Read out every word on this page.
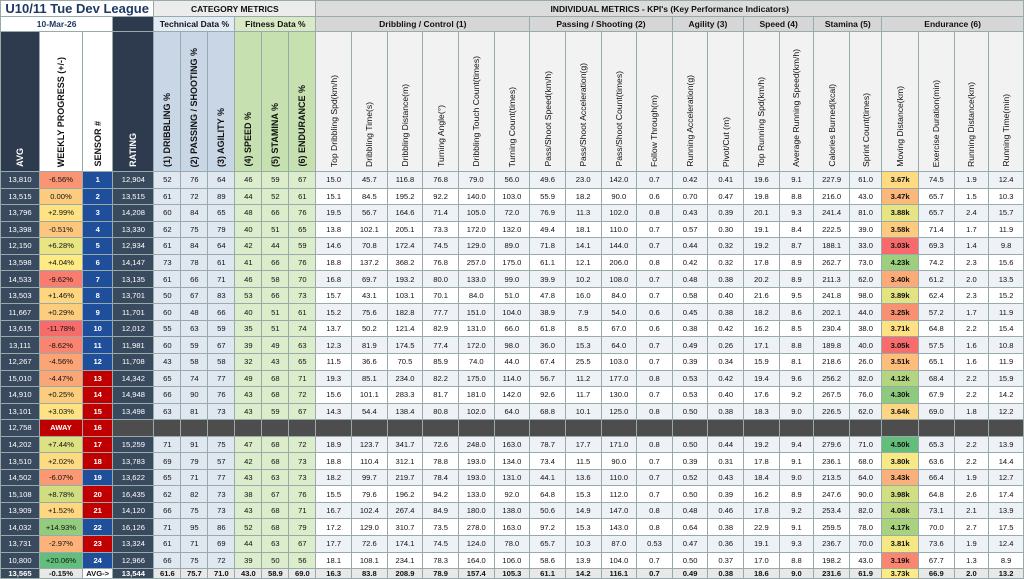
U10/11 Tue Dev League				CATEGORY METRICS						INDIVIDUAL METRICS - KPI's (Key Performance Indicators)																			
10-Mar-26				Technical Data %			Fitness Data %			Dribbling / Control (1)						Passing / Shooting (2)				Agility (3)		Speed (4)		Stamina (5)		Endurance (6)			

AVG	WEEKLY PROGRESS (+/-)	SENSOR #	RATING	(1) DRIBBLING %	(2) PASSING / SHOOTING %	(3) AGILITY %	(4) SPEED %	(5) STAMINA %	(6) ENDURANCE %	Top Dribbling Spd(km/h)	Dribbling Time(s)	Dribbling Distance(m)	Turning Angle(°)	Dribbling Touch Count(times)	Turning Count(times)	Pass/Shoot Speed(km/h)	Pass/Shoot Acceleration(g)	Pass/Shoot Count(times)	Follow Through(m)	Running Acceleration(g)	Pivot/Cut (m)	Top Running Spd(km/h)	Average Running Speed(km/h)	Calories Burned(kcal)	Sprint Count(times)	Moving Distance(km)	Exercise Duration(min)	Running Distance(km)	Running Time(min)

13,810	-6.56%	1	12,904	52	76	64	46	59	67	15.0	45.7	116.8	76.8	79.0	56.0	49.6	23.0	142.0	0.7	0.42	0.41	19.6	9.1	227.9	61.0	3.67k	74.5	1.9	12.4
13,515	0.00%	2	13,515	61	72	89	44	52	61	15.1	84.5	195.2	92.2	140.0	103.0	55.9	18.2	90.0	0.6	0.70	0.47	19.8	8.8	216.0	43.0	3.47k	65.7	1.5	10.3
13,796	+2.99%	3	14,208	60	84	65	48	66	76	19.5	56.7	164.6	71.4	105.0	72.0	76.9	11.3	102.0	0.8	0.43	0.39	20.1	9.3	241.4	81.0	3.88k	65.7	2.4	15.7
13,398	-0.51%	4	13,330	62	75	79	40	51	65	13.8	102.1	205.1	73.3	172.0	132.0	49.4	18.1	110.0	0.7	0.57	0.30	19.1	8.4	222.5	39.0	3.58k	71.4	1.7	11.9
12,150	+6.28%	5	12,934	61	84	64	42	44	59	14.6	70.8	172.4	74.5	129.0	89.0	71.8	14.1	144.0	0.7	0.44	0.32	19.2	8.7	188.1	33.0	3.03k	69.3	1.4	9.8
13,598	+4.04%	6	14,147	73	78	61	41	66	76	18.8	137.2	368.2	76.8	257.0	175.0	61.1	12.1	206.0	0.8	0.42	0.32	17.8	8.9	262.7	73.0	4.23k	74.2	2.3	15.6
14,533	-9.62%	7	13,135	61	66	71	46	58	70	16.8	69.7	193.2	80.0	133.0	99.0	39.9	10.2	108.0	0.7	0.48	0.38	20.2	8.9	211.3	62.0	3.40k	61.2	2.0	13.5
13,503	+1.46%	8	13,701	50	67	83	53	66	73	15.7	43.1	103.1	70.1	84.0	51.0	47.8	16.0	84.0	0.7	0.58	0.40	21.6	9.5	241.8	98.0	3.89k	62.4	2.3	15.2
11,667	+0.29%	9	11,701	60	48	66	40	51	61	15.2	75.6	182.8	77.7	151.0	104.0	38.9	7.9	54.0	0.6	0.45	0.38	18.2	8.6	202.1	44.0	3.25k	57.2	1.7	11.9
13,615	-11.78%	10	12,012	55	63	59	35	51	74	13.7	50.2	121.4	82.9	131.0	66.0	61.8	8.5	67.0	0.6	0.38	0.42	16.2	8.5	230.4	38.0	3.71k	64.8	2.2	15.4
13,111	-8.62%	11	11,981	60	59	67	39	49	63	12.3	81.9	174.5	77.4	172.0	98.0	36.0	15.3	64.0	0.7	0.49	0.26	17.1	8.8	189.8	40.0	3.05k	57.5	1.6	10.8
12,267	-4.56%	12	11,708	43	58	58	32	43	65	11.5	36.6	70.5	85.9	74.0	44.0	67.4	25.5	103.0	0.7	0.39	0.34	15.9	8.1	218.6	26.0	3.51k	65.1	1.6	11.9
15,010	-4.47%	13	14,342	65	74	77	49	68	71	19.3	85.1	234.0	82.2	175.0	114.0	56.7	11.2	177.0	0.8	0.53	0.42	19.4	9.6	256.2	82.0	4.12k	68.4	2.2	15.9
14,910	+0.25%	14	14,948	66	90	76	43	68	72	15.6	101.1	283.3	81.7	181.0	142.0	92.6	11.7	130.0	0.7	0.53	0.40	17.6	9.2	267.5	76.0	4.30k	67.9	2.2	14.2
13,101	+3.03%	15	13,498	63	81	73	43	59	67	14.3	54.4	138.4	80.8	102.0	64.0	68.8	10.1	125.0	0.8	0.50	0.38	18.3	9.0	226.5	62.0	3.64k	69.0	1.8	12.2
12,758	AWAY	16																											
14,202	+7.44%	17	15,259	71	91	75	47	68	72	18.9	123.7	341.7	72.6	248.0	163.0	78.7	17.7	171.0	0.8	0.50	0.44	19.2	9.4	279.6	71.0	4.50k	65.3	2.2	13.9
13,510	+2.02%	18	13,783	69	79	57	42	68	73	18.8	110.4	312.1	78.8	193.0	134.0	73.4	11.5	90.0	0.7	0.39	0.31	17.8	9.1	236.1	68.0	3.80k	63.6	2.2	14.4
14,502	-6.07%	19	13,622	65	71	77	43	63	73	18.2	99.7	219.7	78.4	193.0	131.0	44.1	13.6	110.0	0.7	0.52	0.43	18.4	9.0	213.5	64.0	3.43k	66.4	1.9	12.7
15,108	+8.78%	20	16,435	62	82	73	38	67	76	15.5	79.6	196.2	94.2	133.0	92.0	64.8	15.3	112.0	0.7	0.50	0.39	16.2	8.9	247.6	90.0	3.98k	64.8	2.6	17.4
13,909	+1.52%	21	14,120	66	75	73	43	68	71	16.7	102.4	267.4	84.9	180.0	138.0	50.6	14.9	147.0	0.8	0.48	0.46	17.8	9.2	253.4	82.0	4.08k	73.1	2.1	13.9
14,032	+14.93%	22	16,126	71	95	86	52	68	79	17.2	129.0	310.7	73.5	278.0	163.0	97.2	15.3	143.0	0.8	0.64	0.38	22.9	9.1	259.5	78.0	4.17k	70.0	2.7	17.5
13,731	-2.97%	23	13,324	61	71	69	44	63	67	17.7	72.6	174.1	74.5	124.0	78.0	65.7	10.3	87.0	0.53	0.47	0.36	19.1	9.3	236.7	70.0	3.81k	73.6	1.9	12.4
10,800	+20.06%	24	12,966	66	75	72	39	50	56	18.1	108.1	234.1	78.3	164.0	106.0	58.6	13.9	104.0	0.7	0.50	0.37	17.0	8.8	198.2	43.0	3.19k	67.7	1.3	8.9
13,565	-0.15%	AVG->	13,544	61.6	75.7	71.0	43.0	58.9	69.0	16.3	83.8	208.9	78.9	157.4	105.3	61.1	14.2	116.1	0.7	0.49	0.38	18.6	9.0	231.6	61.9	3.73k	66.9	2.0	13.2
